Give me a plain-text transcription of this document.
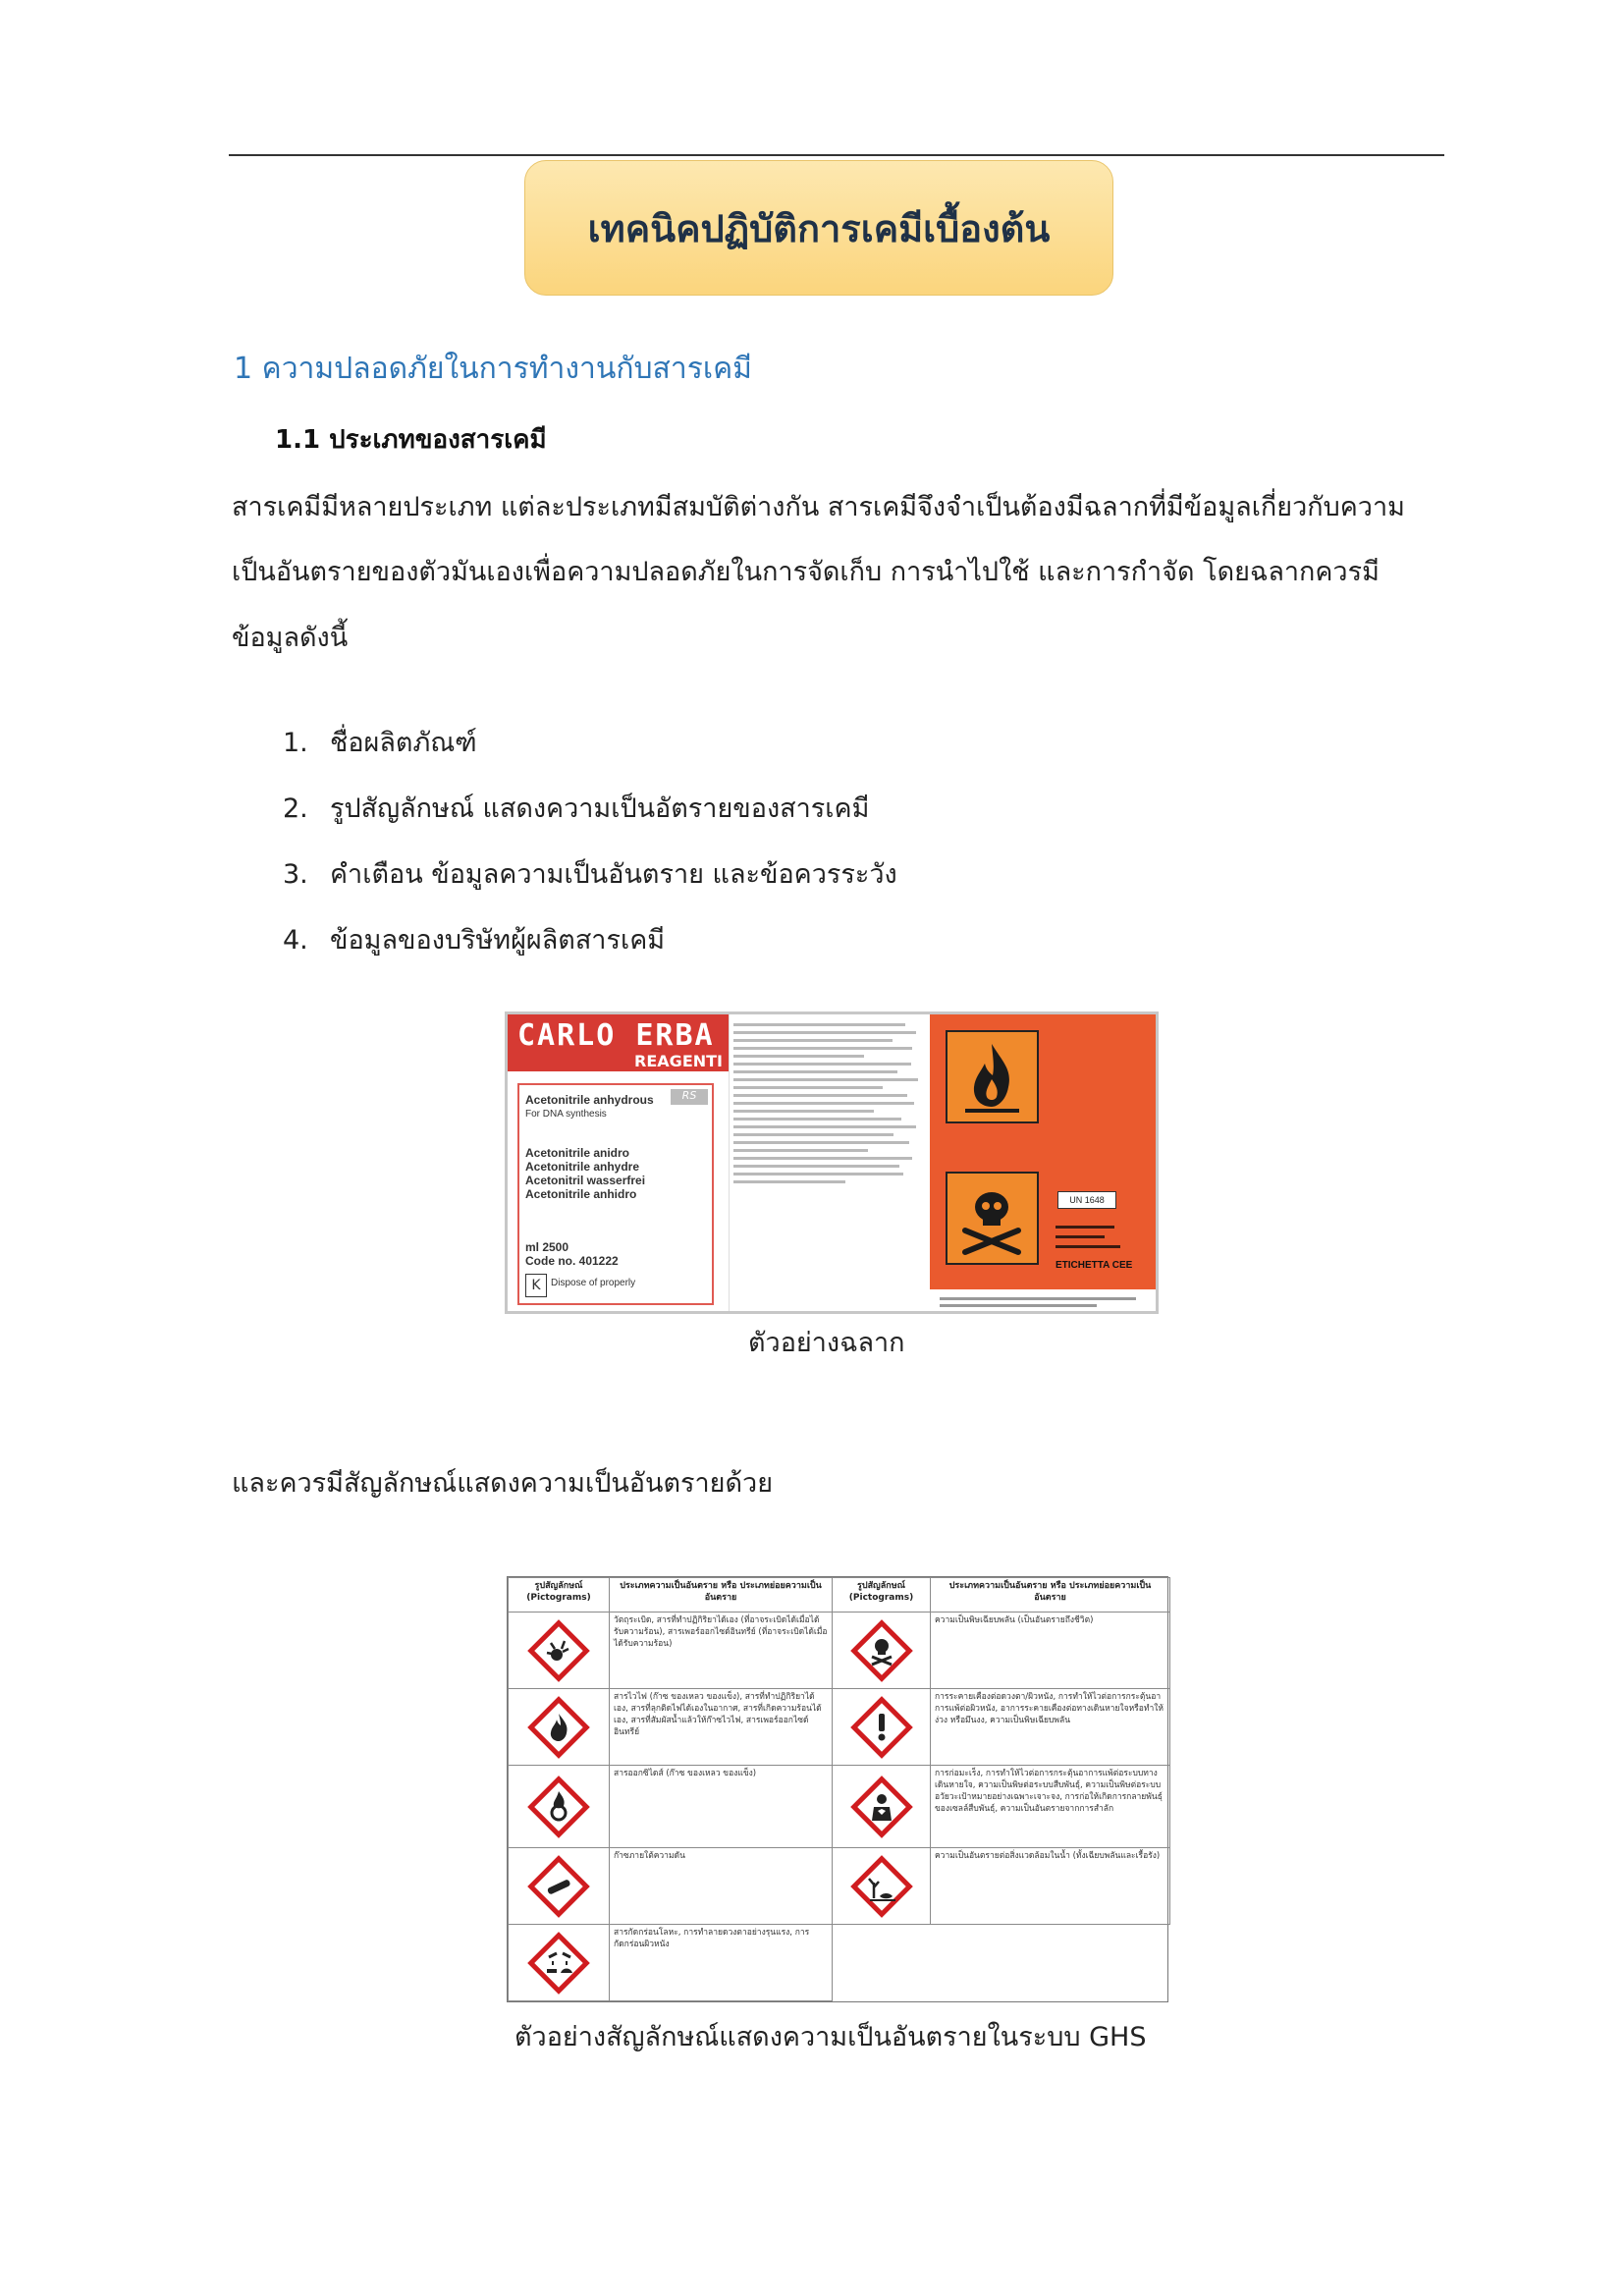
เทคนิคปฏิบัติการเคมีเบื้องต้น
1 ความปลอดภัยในการทำงานกับสารเคมี
1.1 ประเภทของสารเคมี
สารเคมีมีหลายประเภท แต่ละประเภทมีสมบัติต่างกัน สารเคมีจึงจำเป็นต้องมีฉลากที่มีข้อมูลเกี่ยวกับความ
เป็นอันตรายของตัวมันเองเพื่อความปลอดภัยในการจัดเก็บ การนำไปใช้ และการกำจัด โดยฉลากควรมี
ข้อมูลดังนี้
1. ชื่อผลิตภัณฑ์
2. รูปสัญลักษณ์ แสดงความเป็นอัตรายของสารเคมี
3. คำเตือน ข้อมูลความเป็นอันตราย และข้อควรระวัง
4. ข้อมูลของบริษัทผู้ผลิตสารเคมี
CARLO ERBA
REAGENTI
RS
Acetonitrile anhydrous
For DNA synthesis
Acetonitrile anidro
Acetonitrile anhydre
Acetonitril wasserfrei
Acetonitrile anhidro
ml 2500
Code no. 401222
K	Dispose of properly
UN 1648
ETICHETTA CEE
ตัวอย่างฉลาก
และควรมีสัญลักษณ์แสดงความเป็นอันตรายด้วย
รูปสัญลักษณ์ (Pictograms)	ประเภทความเป็นอันตราย หรือ ประเภทย่อยความเป็นอันตราย	รูปสัญลักษณ์ (Pictograms)	ประเภทความเป็นอันตราย หรือ ประเภทย่อยความเป็นอันตราย

	วัตถุระเบิด, สารที่ทำปฏิกิริยาได้เอง (ที่อาจระเบิดได้เมื่อได้รับความร้อน), สารเพอร์ออกไซด์อินทรีย์ (ที่อาจระเบิดได้เมื่อได้รับความร้อน)		ความเป็นพิษเฉียบพลัน (เป็นอันตรายถึงชีวิต)

	สารไวไฟ (ก๊าซ ของเหลว ของแข็ง), สารที่ทำปฏิกิริยาได้เอง, สารที่ลุกติดไฟได้เองในอากาศ, สารที่เกิดความร้อนได้เอง, สารที่สัมผัสน้ำแล้วให้ก๊าซไวไฟ, สารเพอร์ออกไซด์อินทรีย์		การระคายเคืองต่อดวงตา/ผิวหนัง, การทำให้ไวต่อการกระตุ้นอาการแพ้ต่อผิวหนัง, อาการระคายเคืองต่อทางเดินหายใจหรือทำให้ง่วง หรือมึนงง, ความเป็นพิษเฉียบพลัน

	สารออกซิไดส์ (ก๊าซ ของเหลว ของแข็ง)		การก่อมะเร็ง, การทำให้ไวต่อการกระตุ้นอาการแพ้ต่อระบบทางเดินหายใจ, ความเป็นพิษต่อระบบสืบพันธุ์, ความเป็นพิษต่อระบบอวัยวะเป้าหมายอย่างเฉพาะเจาะจง, การก่อให้เกิดการกลายพันธุ์ของเซลล์สืบพันธุ์, ความเป็นอันตรายจากการสำลัก

	ก๊าซภายใต้ความดัน		ความเป็นอันตรายต่อสิ่งแวดล้อมในน้ำ (ทั้งเฉียบพลันและเรื้อรัง)

	สารกัดกร่อนโลหะ, การทำลายดวงตาอย่างรุนแรง, การกัดกร่อนผิวหนัง		
ตัวอย่างสัญลักษณ์แสดงความเป็นอันตรายในระบบ GHS
